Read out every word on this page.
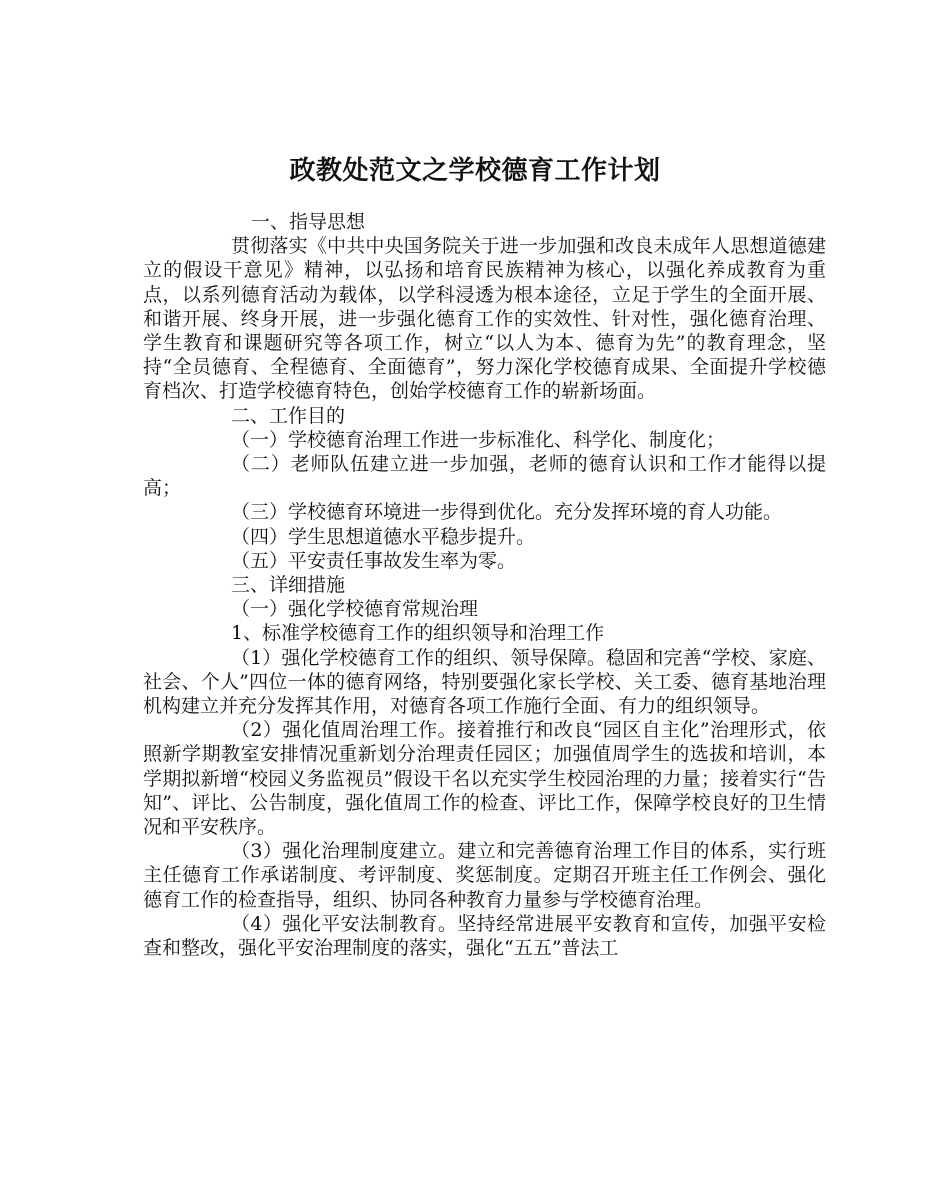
政教处范文之学校德育工作计划

一、指导思想

贯彻落实《中共中央国务院关于进一步加强和改良未成年人思想道德建立的假设干意见》精神，以弘扬和培育民族精神为核心，以强化养成教育为重点，以系列德育活动为载体，以学科浸透为根本途径，立足于学生的全面开展、和谐开展、终身开展，进一步强化德育工作的实效性、针对性，强化德育治理、学生教育和课题研究等各项工作，树立“以人为本、德育为先”的教育理念，坚持“全员德育、全程德育、全面德育”，努力深化学校德育成果、全面提升学校德育档次、打造学校德育特色，创始学校德育工作的崭新场面。

二、工作目的

（一）学校德育治理工作进一步标准化、科学化、制度化；

（二）老师队伍建立进一步加强，老师的德育认识和工作才能得以提高；

（三）学校德育环境进一步得到优化。充分发挥环境的育人功能。

（四）学生思想道德水平稳步提升。

（五）平安责任事故发生率为零。

三、详细措施

（一）强化学校德育常规治理

1、标准学校德育工作的组织领导和治理工作

（1）强化学校德育工作的组织、领导保障。稳固和完善“学校、家庭、社会、个人”四位一体的德育网络，特别要强化家长学校、关工委、德育基地治理机构建立并充分发挥其作用，对德育各项工作施行全面、有力的组织领导。

（2）强化值周治理工作。接着推行和改良“园区自主化”治理形式，依照新学期教室安排情况重新划分治理责任园区；加强值周学生的选拔和培训，本学期拟新增“校园义务监视员”假设干名以充实学生校园治理的力量；接着实行“告知”、评比、公告制度，强化值周工作的检查、评比工作，保障学校良好的卫生情况和平安秩序。

（3）强化治理制度建立。建立和完善德育治理工作目的体系，实行班主任德育工作承诺制度、考评制度、奖惩制度。定期召开班主任工作例会、强化德育工作的检查指导，组织、协同各种教育力量参与学校德育治理。

（4）强化平安法制教育。坚持经常进展平安教育和宣传，加强平安检查和整改，强化平安治理制度的落实，强化“五五”普法工
